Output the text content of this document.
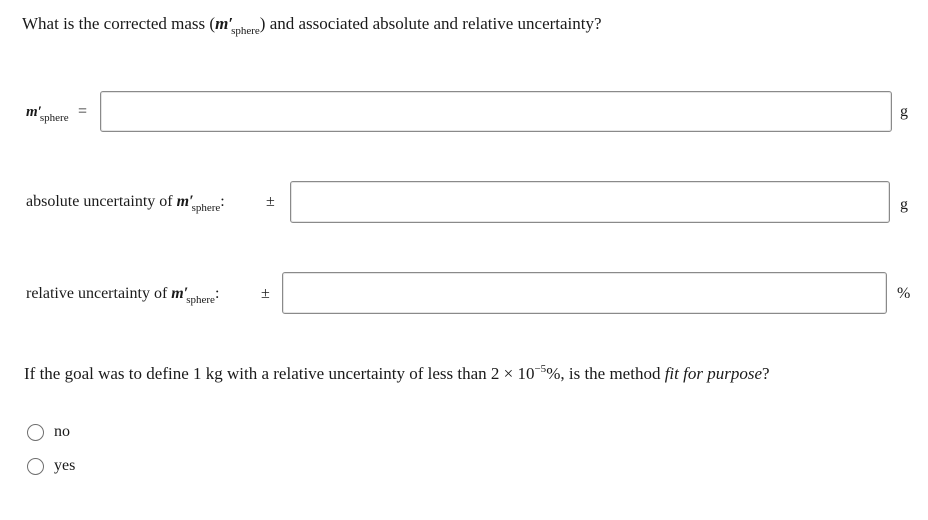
What is the corrected mass $(m'_{sphere})$ and associated absolute and relative uncertainty?
$m'_{sphere}$ =	g
absolute uncertainty of $m'_{sphere}$:	±	g
relative uncertainty of $m'_{sphere}$:	±	%
If the goal was to define 1 kg with a relative uncertainty of less than $2 \times 10^{-5}\%$, is the method fit for purpose?
no
yes
